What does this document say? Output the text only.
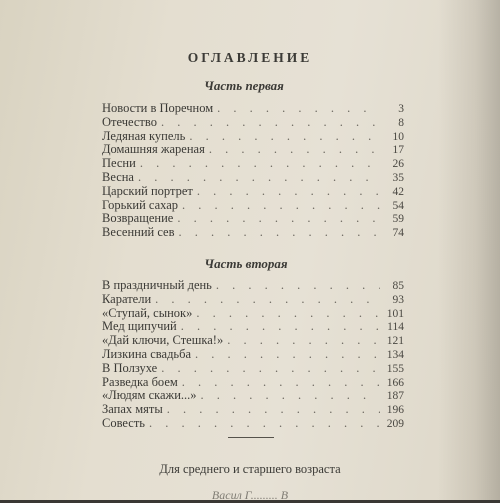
ОГЛАВЛЕНИЕ
Часть первая
Новости в Поречном . . .	3
Отечество . . .	8
Ледяная купель . . .	10
Домашняя жареная . . .	17
Песни . . .	26
Весна . . .	35
Царский портрет . . .	42
Горький сахар . . .	54
Возвращение . . .	59
Весенний сев . . .	74
Часть вторая
В праздничный день . . .	85
Каратели . . .	93
«Ступай, сынок» . . .	101
Мед щипучий . . .	114
«Дай ключи, Стешка!» . . .	121
Лизкина свадьба . . .	134
В Ползухе . . .	155
Разведка боем . . .	166
«Людям скажи...» . . .	187
Запах мяты . . .	196
Совесть . . .	209
Для среднего и старшего возраста
Васил Г......... В
